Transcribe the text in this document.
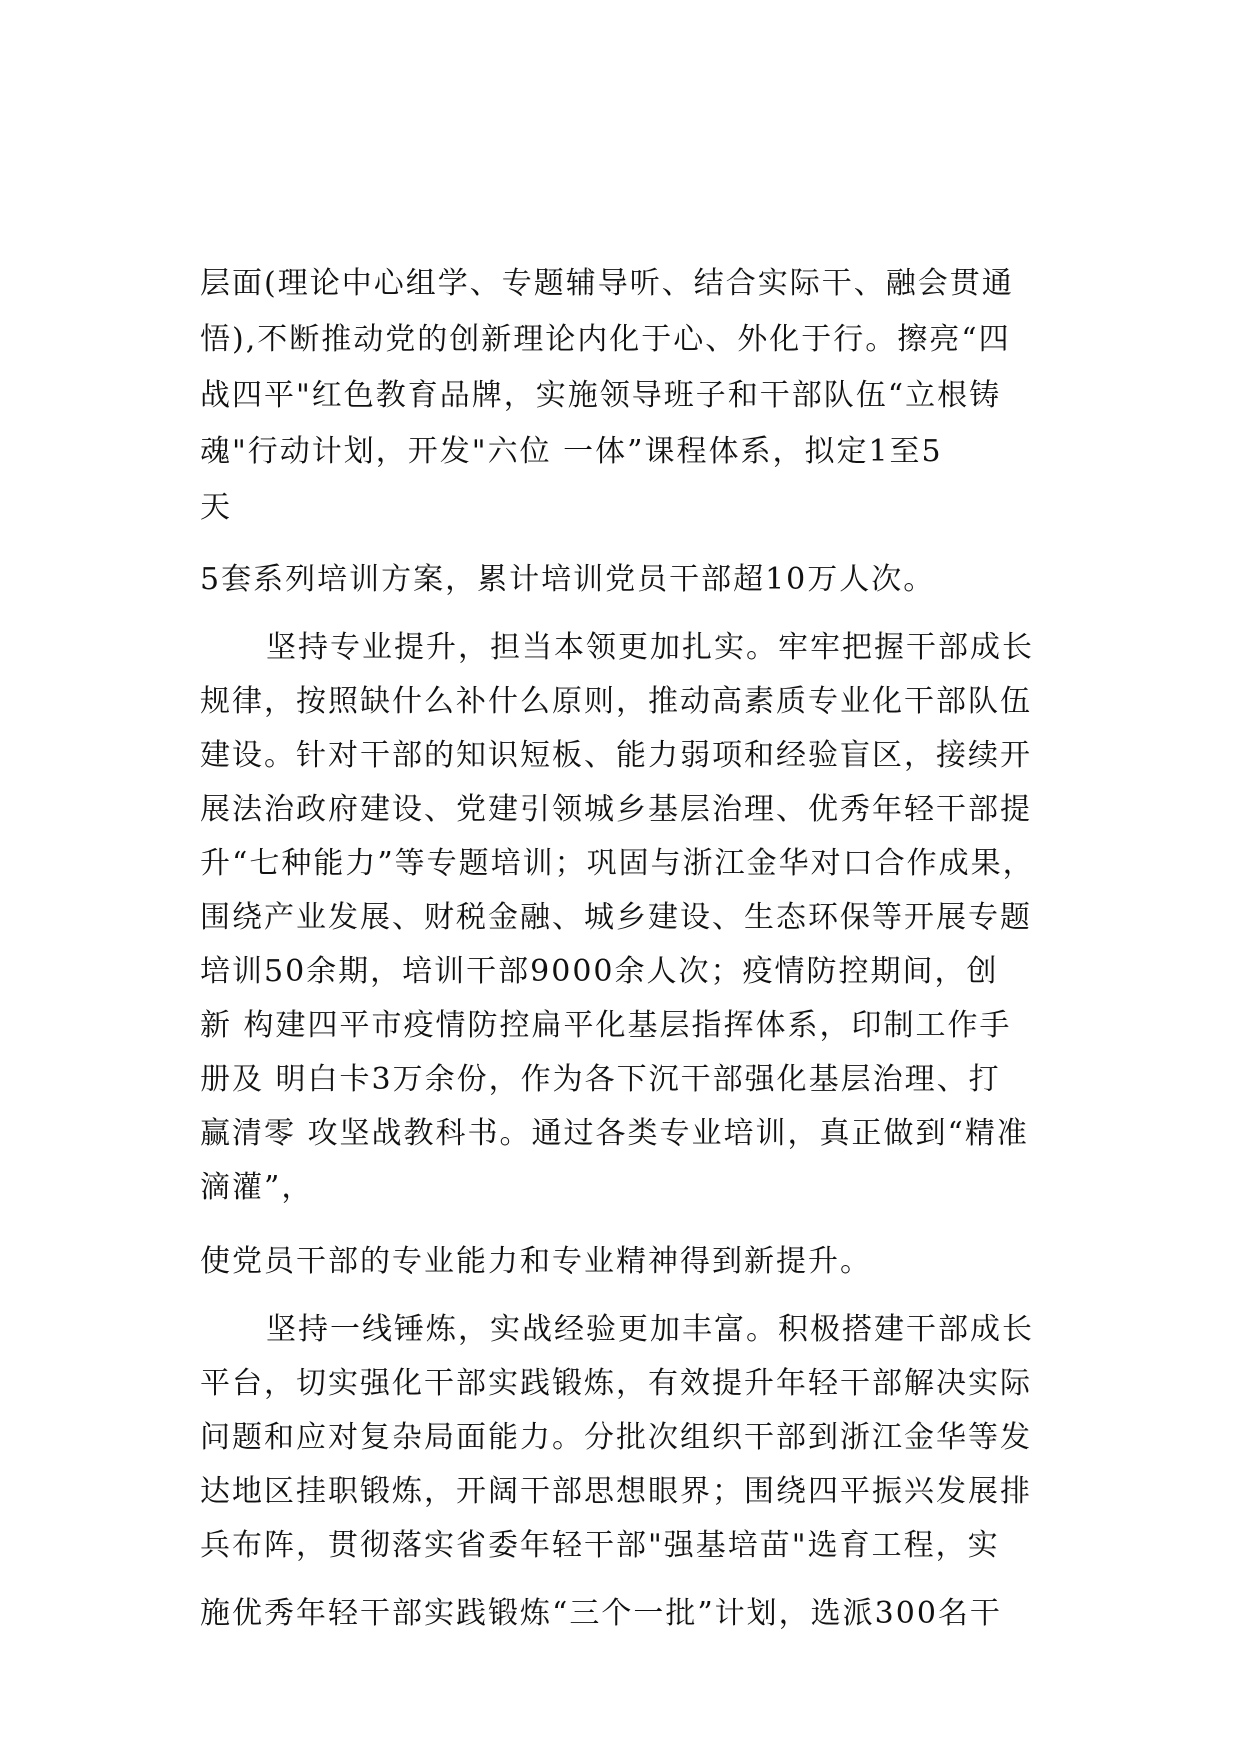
层面(理论中心组学、专题辅导听、结合实际干、融会贯通

悟),不断推动党的创新理论内化于心、外化于行。擦亮“四

战四平"红色教育品牌，实施领导班子和干部队伍“立根铸

魂"行动计划，开发"六位 一体”课程体系，拟定1至5

天

5套系列培训方案，累计培训党员干部超10万人次。

坚持专业提升，担当本领更加扎实。牢牢把握干部成长

规律，按照缺什么补什么原则，推动高素质专业化干部队伍

建设。针对干部的知识短板、能力弱项和经验盲区，接续开

展法治政府建设、党建引领城乡基层治理、优秀年轻干部提

升“七种能力”等专题培训；巩固与浙江金华对口合作成果，

围绕产业发展、财税金融、城乡建设、生态环保等开展专题

培训50余期，培训干部9000余人次；疫情防控期间，创

新 构建四平市疫情防控扁平化基层指挥体系，印制工作手

册及 明白卡3万余份，作为各下沉干部强化基层治理、打

赢清零 攻坚战教科书。通过各类专业培训，真正做到“精准

滴灌”，

使党员干部的专业能力和专业精神得到新提升。

坚持一线锤炼，实战经验更加丰富。积极搭建干部成长

平台，切实强化干部实践锻炼，有效提升年轻干部解决实际

问题和应对复杂局面能力。分批次组织干部到浙江金华等发

达地区挂职锻炼，开阔干部思想眼界；围绕四平振兴发展排

兵布阵，贯彻落实省委年轻干部"强基培苗"选育工程，实

施优秀年轻干部实践锻炼“三个一批”计划，选派300名干
